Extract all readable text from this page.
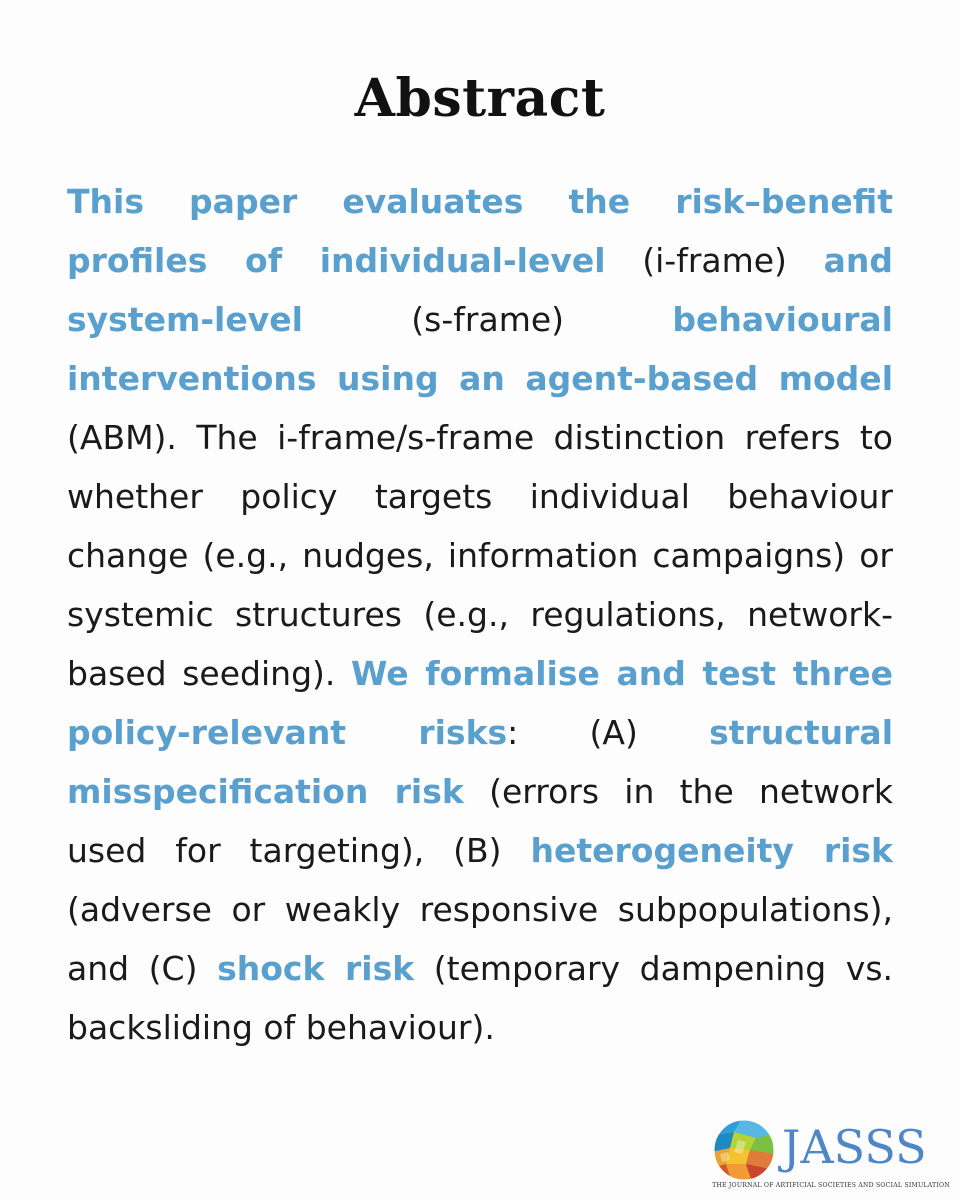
Abstract

This paper evaluates the risk–benefit profiles of individual-level (i-frame) and system-level (s-frame) behavioural interventions using an agent-based model (ABM). The i-frame/s-frame distinction refers to whether policy targets individual behaviour change (e.g., nudges, information campaigns) or systemic structures (e.g., regulations, network-based seeding). We formalise and test three policy-relevant risks: (A) structural misspecification risk (errors in the network used for targeting), (B) heterogeneity risk (adverse or weakly responsive subpopulations), and (C) shock risk (temporary dampening vs. backsliding of behaviour).

JASSS
THE JOURNAL OF ARTIFICIAL SOCIETIES AND SOCIAL SIMULATION
